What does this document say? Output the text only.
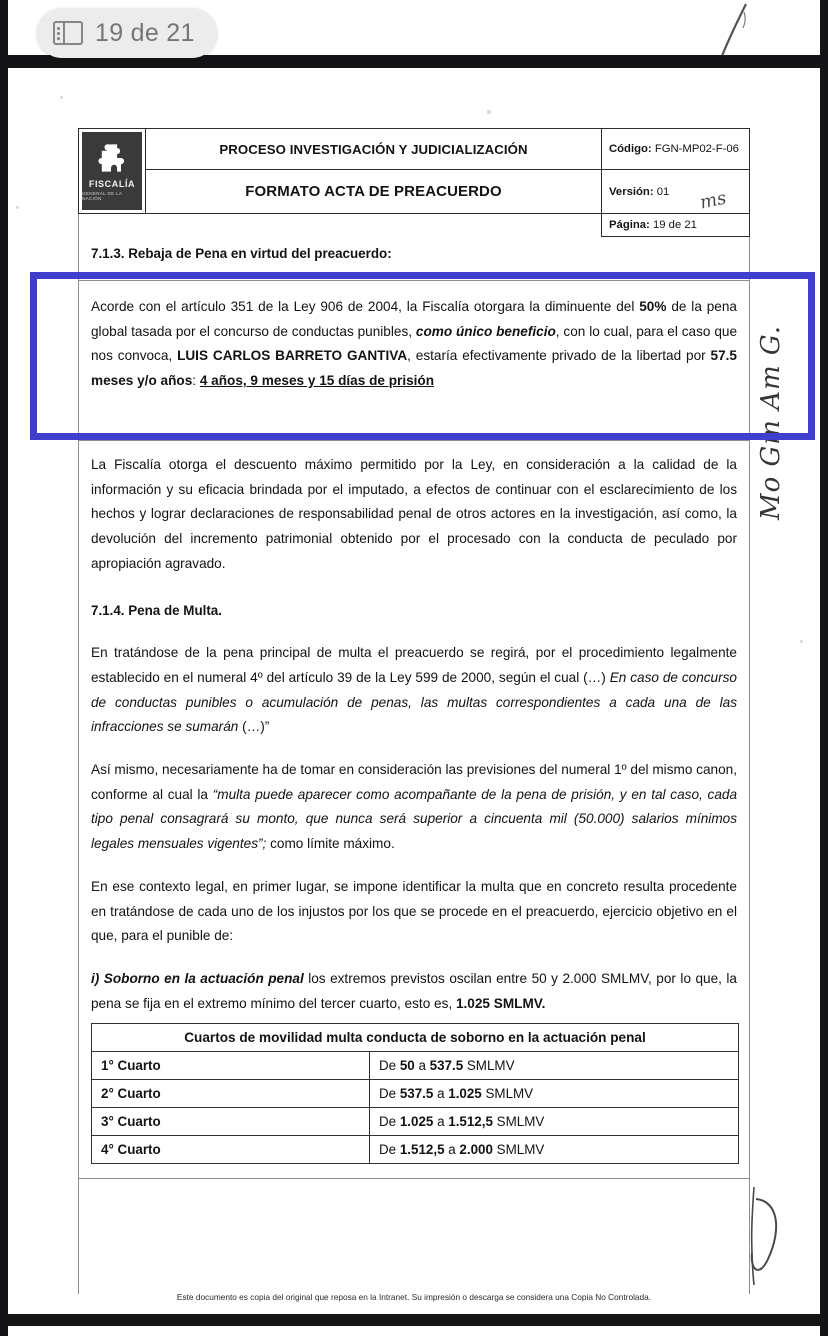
19 de 21
FISCALÍA
GENERAL DE LA NACIÓN	PROCESO INVESTIGACIÓN Y JUDICIALIZACIÓN	Código: FGN-MP02-F-06
	FORMATO ACTA DE PREACUERDO	Versión: 01
		Página: 19 de 21
7.1.3. Rebaja de Pena en virtud del preacuerdo:

Acorde con el artículo 351 de la Ley 906 de 2004, la Fiscalía otorgara la diminuente del 50% de la pena global tasada por el concurso de conductas punibles, como único beneficio, con lo cual, para el caso que nos convoca, LUIS CARLOS BARRETO GANTIVA, estaría efectivamente privado de la libertad por 57.5 meses y/o años: 4 años, 9 meses y 15 días de prisión

La Fiscalía otorga el descuento máximo permitido por la Ley, en consideración a la calidad de la información y su eficacia brindada por el imputado, a efectos de continuar con el esclarecimiento de los hechos y lograr declaraciones de responsabilidad penal de otros actores en la investigación, así como, la devolución del incremento patrimonial obtenido por el procesado con la conducta de peculado por apropiación agravado.

7.1.4. Pena de Multa.

En tratándose de la pena principal de multa el preacuerdo se regirá, por el procedimiento legalmente establecido en el numeral 4º del artículo 39 de la Ley 599 de 2000, según el cual (…) En caso de concurso de conductas punibles o acumulación de penas, las multas correspondientes a cada una de las infracciones se sumarán (…)”

Así mismo, necesariamente ha de tomar en consideración las previsiones del numeral 1º del mismo canon, conforme al cual la “multa puede aparecer como acompañante de la pena de prisión, y en tal caso, cada tipo penal consagrará su monto, que nunca será superior a cincuenta mil (50.000) salarios mínimos legales mensuales vigentes”; como límite máximo.

En ese contexto legal, en primer lugar, se impone identificar la multa que en concreto resulta procedente en tratándose de cada uno de los injustos por los que se procede en el preacuerdo, ejercicio objetivo en el que, para el punible de:

i) Soborno en la actuación penal los extremos previstos oscilan entre 50 y 2.000 SMLMV, por lo que, la pena se fija en el extremo mínimo del tercer cuarto, esto es, 1.025 SMLMV.

Cuartos de movilidad multa conducta de soborno en la actuación penal	
1° Cuarto	De 50 a 537.5 SMLMV
2° Cuarto	De 537.5 a 1.025 SMLMV
3° Cuarto	De 1.025 a 1.512,5 SMLMV
4° Cuarto	De 1.512,5 a 2.000 SMLMV
Este documento es copia del original que reposa en la Intranet. Su impresión o descarga se considera una Copia No Controlada.
Mo Gm Am G.
ms
